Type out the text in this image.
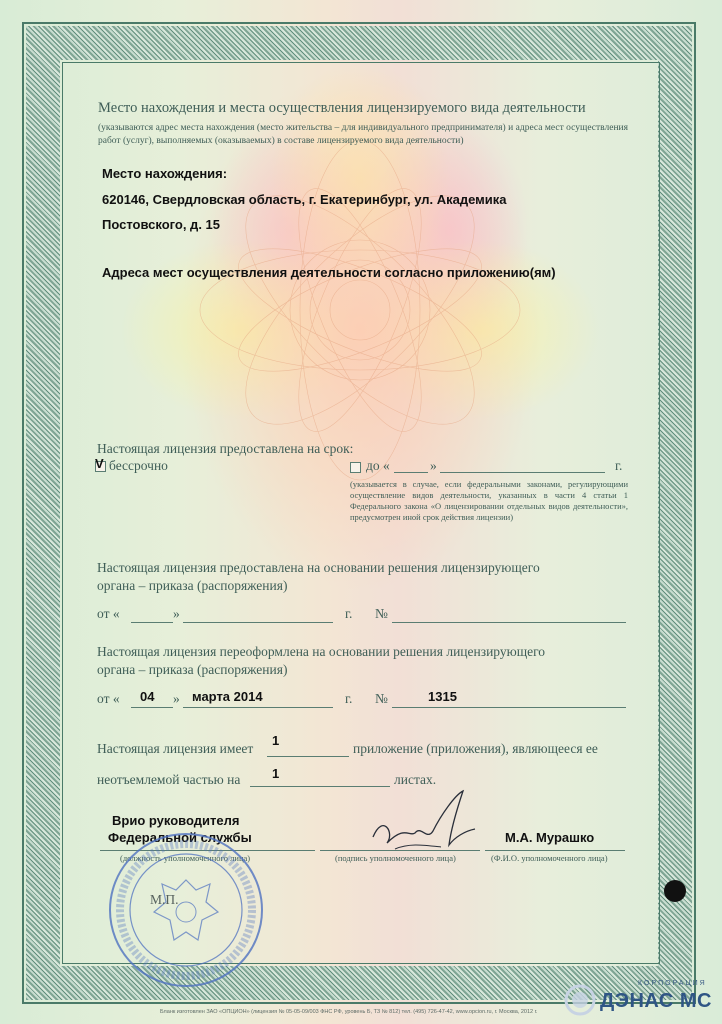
Место нахождения и места осуществления лицензируемого вида деятельности
(указываются адрес места нахождения (место жительства – для индивидуального предпринимателя) и адреса мест осуществления работ (услуг), выполняемых (оказываемых) в составе лицензируемого вида деятельности)
Место нахождения:
620146, Свердловская область, г. Екатеринбург, ул. Академика
Постовского, д. 15
Адреса мест осуществления деятельности согласно приложению(ям)
Настоящая лицензия предоставлена на срок:
V бессрочно	до «	»	г.
(указывается в случае, если федеральными законами, регулирующими осуществление видов деятельности, указанных в части 4 статьи 1 Федерального закона «О лицензировании отдельных видов деятельности», предусмотрен иной срок действия лицензии)
Настоящая лицензия предоставлена на основании решения лицензирующего
органа – приказа (распоряжения)
от «	»	г. №
Настоящая лицензия переоформлена на основании решения лицензирующего
органа – приказа (распоряжения)
от « 04 » марта 2014	г. №	1315
Настоящая лицензия имеет
1
приложение (приложения), являющееся ее
неотъемлемой частью на 1	листах.
Врио руководителя
Федеральной службы	М.А. Мурашко
(должность уполномоченного лица)	(подпись уполномоченного лица)	(Ф.И.О. уполномоченного лица)
М.П.
Бланк изготовлен ЗАО «ОПЦИОН» (лицензия № 05-05-09/003 ФНС РФ, уровень Б, ТЗ № 812) тел. (495) 726-47-42, www.opcion.ru, г. Москва, 2012 г.
КОРПОРАЦИЯ
ДЭНАС МС
